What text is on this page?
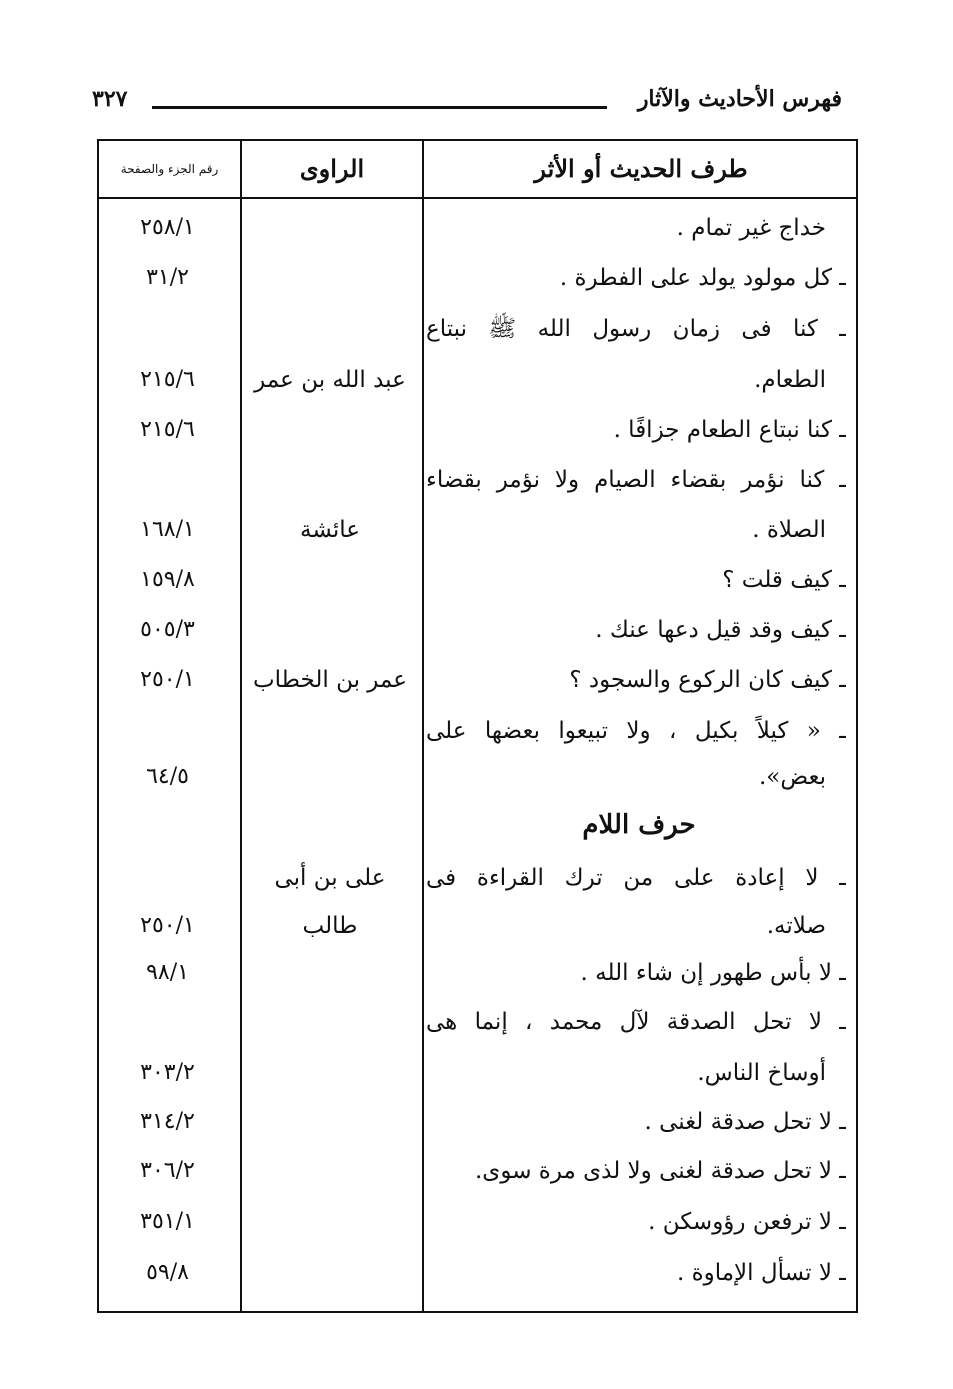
فهرس الأحاديث والآثار
٣٢٧
رقم الجزء والصفحة	الراوى	طرف الحديث أو الأثر
خداج غير تمام .
٢٥٨/١
ـ كل مولود يولد على الفطرة .
٣١/٢
ـ كنا فى زمان رسول الله ﷺ نبتاع
الطعام.
عبد الله بن عمر
٢١٥/٦
ـ كنا نبتاع الطعام جزافًا .
٢١٥/٦
ـ كنا نؤمر بقضاء الصيام ولا نؤمر بقضاء
الصلاة .
عائشة
١٦٨/١
ـ كيف قلت ؟
١٥٩/٨
ـ كيف وقد قيل دعها عنك .
٥٠٥/٣
ـ كيف كان الركوع والسجود ؟
عمر بن الخطاب
٢٥٠/١
ـ « كيلاً بكيل ، ولا تبيعوا بعضها على
بعض».
٦٤/٥
حرف اللام
ـ لا إعادة على من ترك القراءة فى
على بن أبى
صلاته.
طالب
٢٥٠/١
ـ لا بأس طهور إن شاء الله .
٩٨/١
ـ لا تحل الصدقة لآل محمد ، إنما هى
أوساخ الناس.
٣٠٣/٢
ـ لا تحل صدقة لغنى .
٣١٤/٢
ـ لا تحل صدقة لغنى ولا لذى مرة سوى.
٣٠٦/٢
ـ لا ترفعن رؤوسكن .
٣٥١/١
ـ لا تسأل الإماوة .
٥٩/٨
